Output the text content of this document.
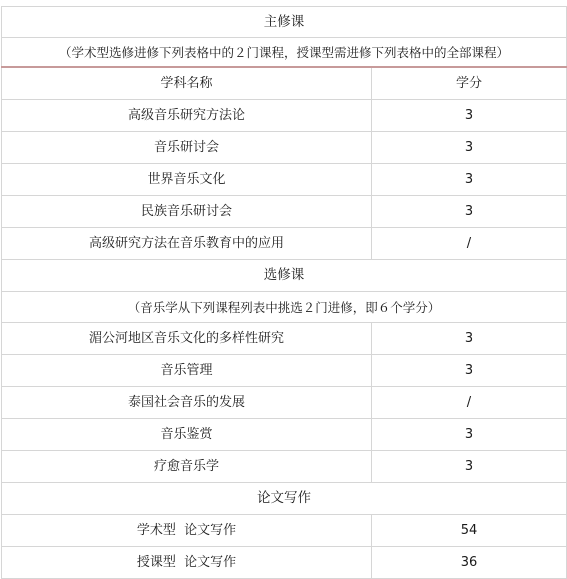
主修课	
（学术型选修进修下列表格中的２门课程，授课型需进修下列表格中的全部课程）	
学科名称	学分
高级音乐研究方法论	3
音乐研讨会	3
世界音乐文化	3
民族音乐研讨会	3
高级研究方法在音乐教育中的应用	/
选修课	
（音乐学从下列课程列表中挑选２门进修，即６个学分）	
湄公河地区音乐文化的多样性研究	3
音乐管理	3
泰国社会音乐的发展	/
音乐鉴赏	3
疗愈音乐学	3
论文写作	
学术型  论文写作	54
授课型  论文写作	36
